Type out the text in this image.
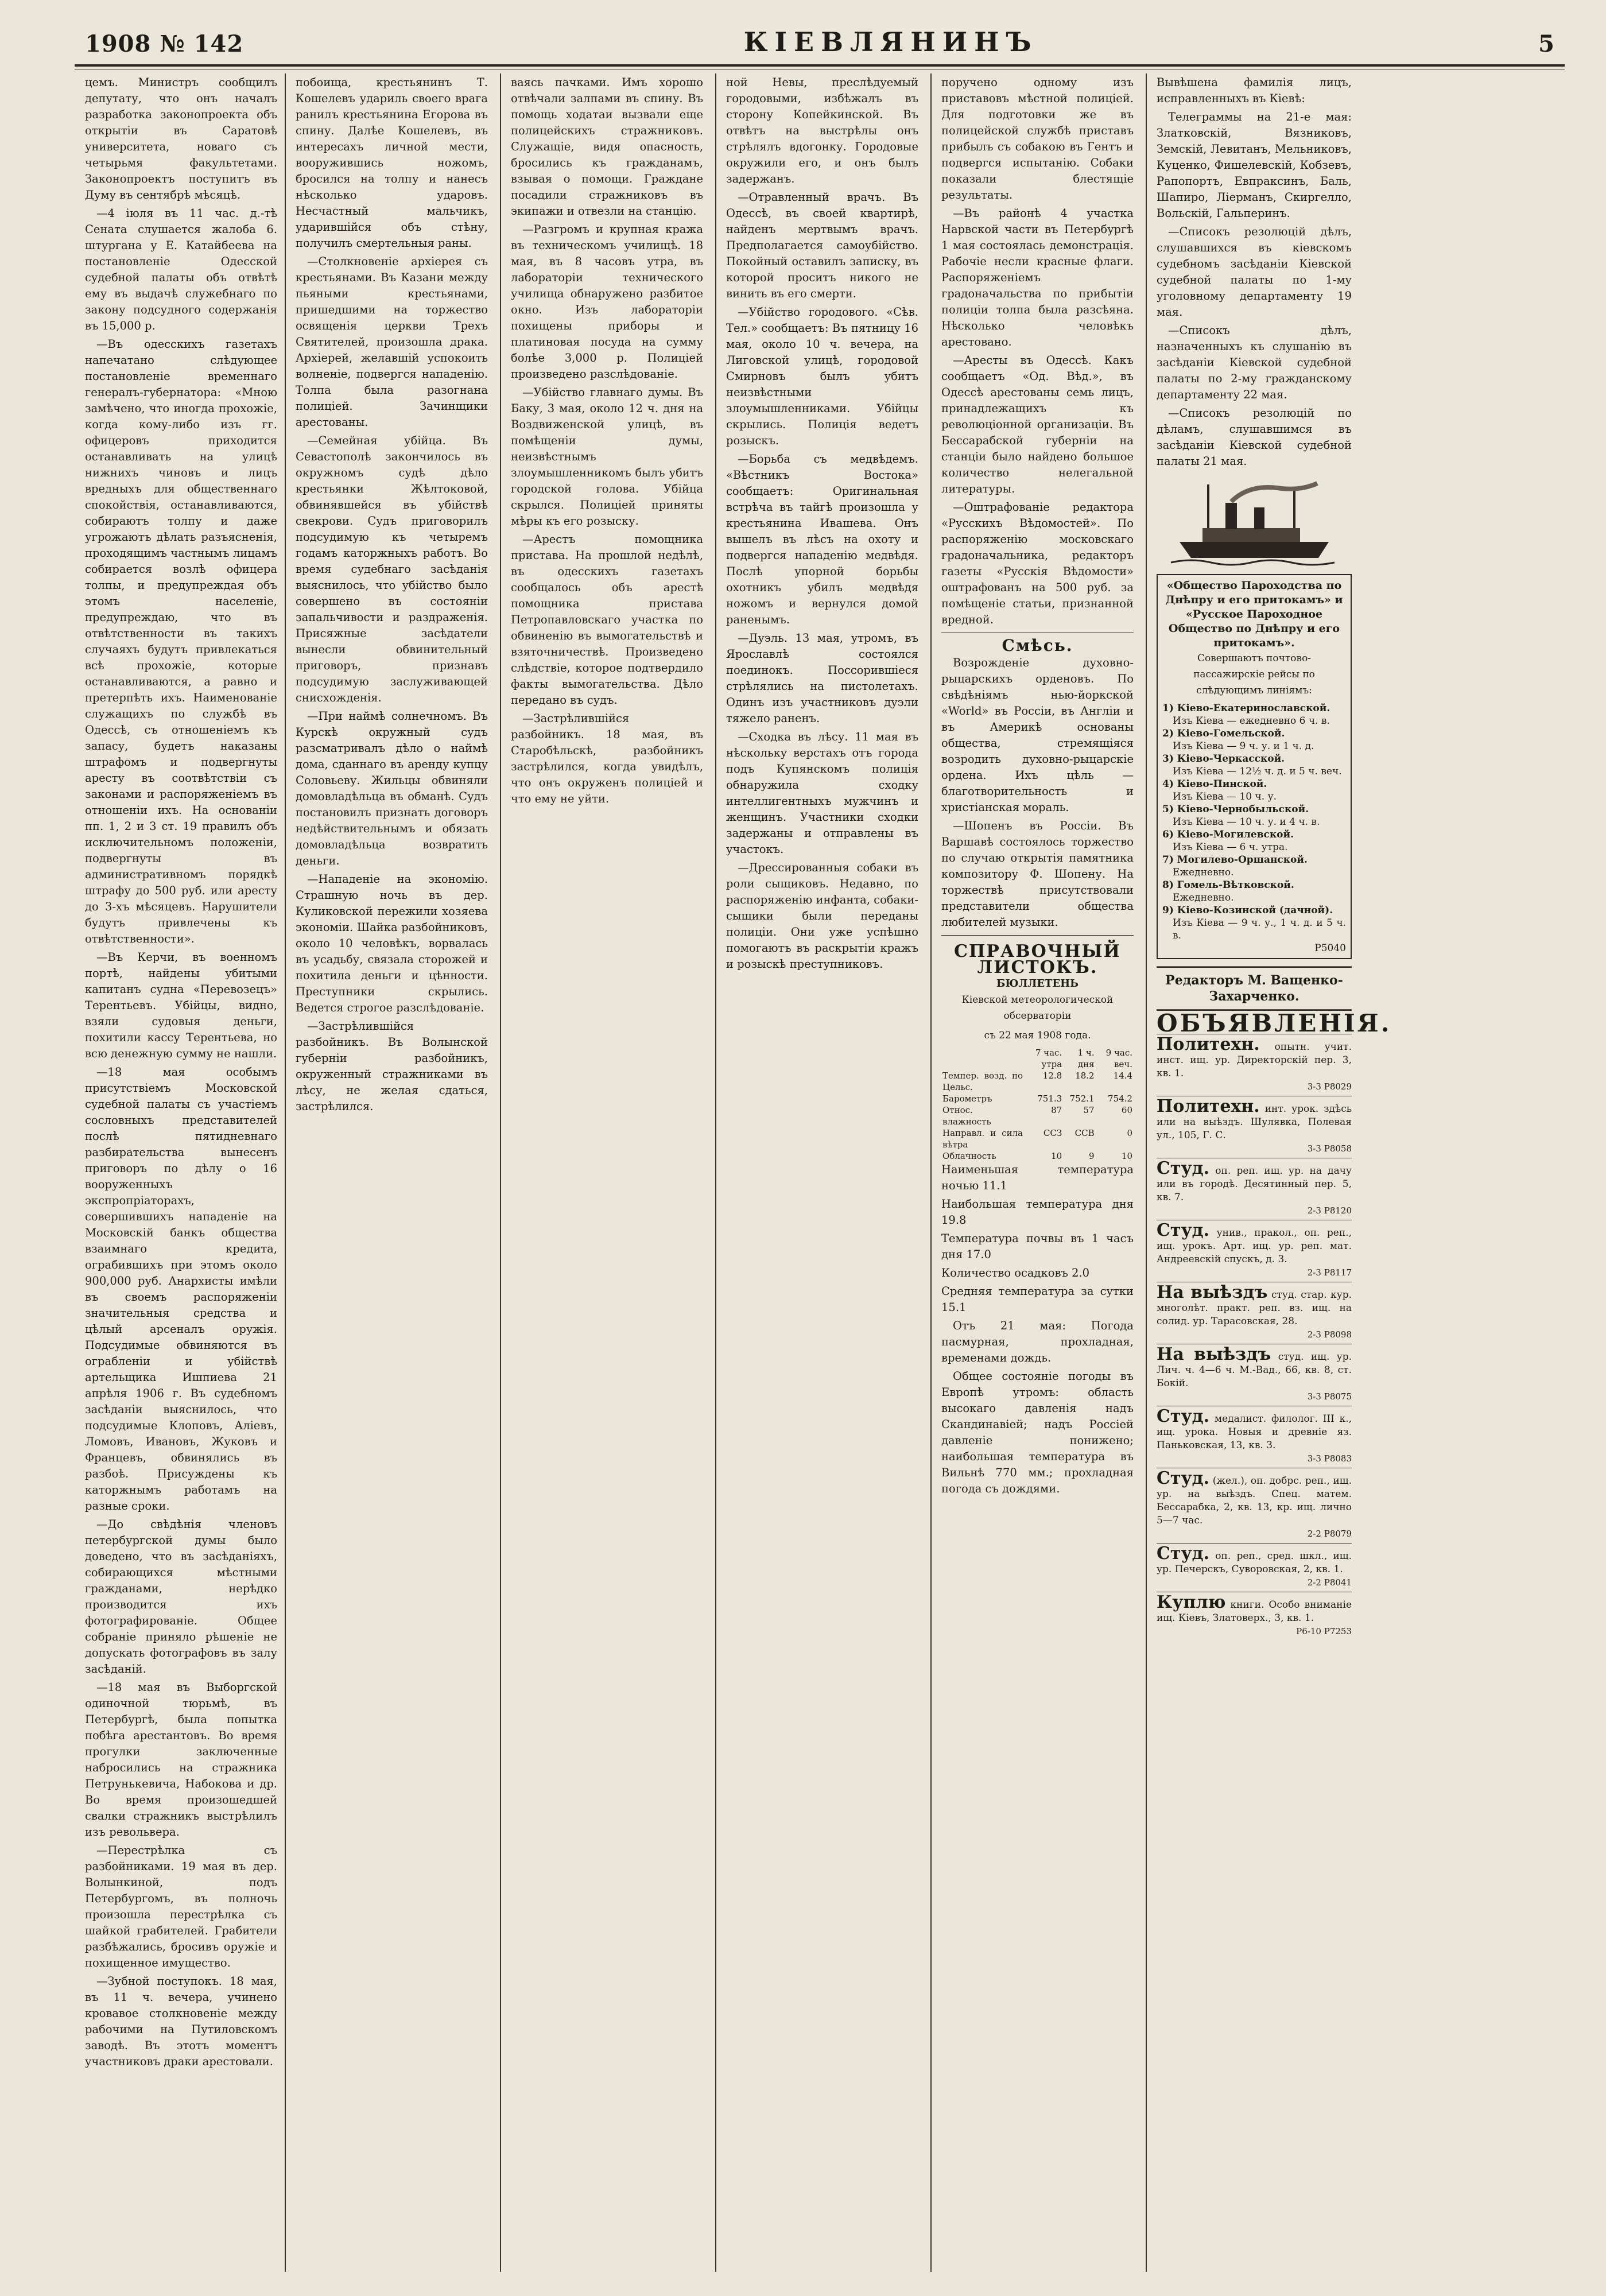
1908 № 142	КІЕВЛЯНИНЪ	5

цемъ. Министръ сообщилъ депутату, что онъ началъ разработка законопроекта объ открытіи въ Саратовѣ университета, новаго съ четырьмя факультетами. Законопроектъ поступитъ въ Думу въ сентябрѣ мѣсяцѣ.

—4 іюля въ 11 час. д.-тѣ Сената слушается жалоба 6. штургана у Е. Катайбеева на постановленіе Одесской судебной палаты объ отвѣтѣ ему въ выдачѣ служебнаго по закону подсудного содержанія въ 15,000 р.

—Въ одесскихъ газетахъ напечатано слѣдующее постановленіе временнаго генералъ-губернатора: «Мною замѣчено, что иногда прохожіе, когда кому-либо изъ гг. офицеровъ приходится останавливать на улицѣ нижнихъ чиновъ и лицъ вредныхъ для общественнаго спокойствія, останавливаются, собираютъ толпу и даже угрожаютъ дѣлать разъясненія, проходящимъ частнымъ лицамъ собирается возлѣ офицера толпы, и предупреждая объ этомъ населеніе, предупреждаю, что въ отвѣтственности въ такихъ случаяхъ будутъ привлекаться всѣ прохожіе, которые останавливаются, а равно и претерпѣть ихъ. Наименованіе служащихъ по службѣ въ Одессѣ, съ отношеніемъ къ запасу, будетъ наказаны штрафомъ и подвергнуты аресту въ соотвѣтствіи съ законами и распоряженіемъ въ отношеніи ихъ. На основаніи пп. 1, 2 и 3 ст. 19 правилъ объ исключительномъ положеніи, подвергнуты въ административномъ порядкѣ штрафу до 500 руб. или аресту до 3-хъ мѣсяцевъ. Нарушители будутъ привлечены къ отвѣтственности».

—Въ Керчи, въ военномъ портѣ, найдены убитыми капитанъ судна «Перевозецъ» Терентьевъ. Убійцы, видно, взяли судовыя деньги, похитили кассу Терентьева, но всю денежную сумму не нашли.

—18 мая особымъ присутствіемъ Московской судебной палаты съ участіемъ сословныхъ представителей послѣ пятидневнаго разбирательства вынесенъ приговоръ по дѣлу о 16 вооруженныхъ экспропріаторахъ, совершившихъ нападеніе на Московскій банкъ общества взаимнаго кредита, ограбившихъ при этомъ около 900,000 руб. Анархисты имѣли въ своемъ распоряженіи значительныя средства и цѣлый арсеналъ оружія. Подсудимые обвиняются въ ограбленіи и убійствѣ артельщика Ишпиева 21 апрѣля 1906 г. Въ судебномъ засѣданіи выяснилось, что подсудимые Клоповъ, Аліевъ, Ломовъ, Ивановъ, Жуковъ и Францевъ, обвинялись въ разбоѣ. Присуждены къ каторжнымъ работамъ на разные сроки.

—До свѣдѣнія членовъ петербургской думы было доведено, что въ засѣданіяхъ, собирающихся мѣстными гражданами, нерѣдко производится ихъ фотографированіе. Общее собраніе приняло рѣшеніе не допускать фотографовъ въ залу засѣданій.

—18 мая въ Выборгской одиночной тюрьмѣ, въ Петербургѣ, была попытка побѣга арестантовъ. Во время прогулки заключенные набросились на стражника Петрунькевича, Набокова и др. Во время произошедшей свалки стражникъ выстрѣлилъ изъ револьвера.

—Перестрѣлка съ разбойниками. 19 мая въ дер. Волынкиной, подъ Петербургомъ, въ полночь произошла перестрѣлка съ шайкой грабителей. Грабители разбѣжались, бросивъ оружіе и похищенное имущество.

—Зубной поступокъ. 18 мая, въ 11 ч. вечера, учинено кровавое столкновеніе между рабочими на Путиловскомъ заводѣ. Въ этотъ моментъ участниковъ драки арестовали.

побоища, крестьянинъ Т. Кошелевъ удариль своего врага ранилъ крестьянина Егорова въ спину. Далѣе Кошелевъ, въ интересахъ личной мести, вооружившись ножомъ, бросился на толпу и нанесъ нѣсколько ударовъ. Несчастный мальчикъ, ударившійся объ стѣну, получилъ смертельныя раны.

—Столкновеніе архіерея съ крестьянами. Въ Казани между пьяными крестьянами, пришедшими на торжество освященія церкви Трехъ Святителей, произошла драка. Архіерей, желавшій успокоить волненіе, подвергся нападенію. Толпа была разогнана полиціей. Зачинщики арестованы.

—Семейная убійца. Въ Севастополѣ закончилось въ окружномъ судѣ дѣло крестьянки Жѣлтоковой, обвинявшейся въ убійствѣ свекрови. Судъ приговорилъ подсудимую къ четыремъ годамъ каторжныхъ работъ. Во время судебнаго засѣданія выяснилось, что убійство было совершено въ состояніи запальчивости и раздраженія. Присяжные засѣдатели вынесли обвинительный приговоръ, признавъ подсудимую заслуживающей снисхожденія.

—При наймѣ солнечномъ. Въ Курскѣ окружный судъ разсматривалъ дѣло о наймѣ дома, сданнаго въ аренду купцу Соловьеву. Жильцы обвиняли домовладѣльца въ обманѣ. Судъ постановилъ признать договоръ недѣйствительнымъ и обязать домовладѣльца возвратить деньги.

—Нападеніе на экономію. Страшную ночь въ дер. Куликовской пережили хозяева экономіи. Шайка разбойниковъ, около 10 человѣкъ, ворвалась въ усадьбу, связала сторожей и похитила деньги и цѣнности. Преступники скрылись. Ведется строгое разслѣдованіе.

—Застрѣлившійся разбойникъ. Въ Волынской губерніи разбойникъ, окруженный стражниками въ лѣсу, не желая сдаться, застрѣлился.

ваясь пачками. Имъ хорошо отвѣчали залпами въ спину. Въ помощь ходатаи вызвали еще полицейскихъ стражниковъ. Служащіе, видя опасность, бросились къ гражданамъ, взывая о помощи. Граждане посадили стражниковъ въ экипажи и отвезли на станцію.

—Разгромъ и крупная кража въ техническомъ училищѣ. 18 мая, въ 8 часовъ утра, въ лабораторіи технического училища обнаружено разбитое окно. Изъ лабораторіи похищены приборы и платиновая посуда на сумму болѣе 3,000 р. Полиціей произведено разслѣдованіе.

—Убійство главнаго думы. Въ Баку, 3 мая, около 12 ч. дня на Воздвиженской улицѣ, въ помѣщеніи думы, неизвѣстнымъ злоумышленникомъ былъ убитъ городской голова. Убійца скрылся. Полиціей приняты мѣры къ его розыску.

—Арестъ помощника пристава. На прошлой недѣлѣ, въ одесскихъ газетахъ сообщалось объ арестѣ помощника пристава Петропавловскаго участка по обвиненію въ вымогательствѣ и взяточничествѣ. Произведено слѣдствіе, которое подтвердило факты вымогательства. Дѣло передано въ судъ.

—Застрѣлившійся разбойникъ. 18 мая, въ Старобѣльскѣ, разбойникъ застрѣлился, когда увидѣлъ, что онъ окруженъ полиціей и что ему не уйти.

ной Невы, преслѣдуемый городовыми, избѣжалъ въ сторону Копейкинской. Въ отвѣтъ на выстрѣлы онъ стрѣлялъ вдогонку. Городовые окружили его, и онъ былъ задержанъ.

—Отравленный врачъ. Въ Одессѣ, въ своей квартирѣ, найденъ мертвымъ врачъ. Предполагается самоубійство. Покойный оставилъ записку, въ которой проситъ никого не винить въ его смерти.

—Убійство городового. «Сѣв. Тел.» сообщаетъ: Въ пятницу 16 мая, около 10 ч. вечера, на Лиговской улицѣ, городовой Смирновъ былъ убитъ неизвѣстными злоумышленниками. Убійцы скрылись. Полиція ведетъ розыскъ.

—Борьба съ медвѣдемъ. «Вѣстникъ Востока» сообщаетъ: Оригинальная встрѣча въ тайгѣ произошла у крестьянина Ивашева. Онъ вышелъ въ лѣсъ на охоту и подвергся нападенію медвѣдя. Послѣ упорной борьбы охотникъ убилъ медвѣдя ножомъ и вернулся домой раненымъ.

—Дуэль. 13 мая, утромъ, въ Ярославлѣ состоялся поединокъ. Поссорившіеся стрѣлялись на пистолетахъ. Одинъ изъ участниковъ дуэли тяжело раненъ.

—Сходка въ лѣсу. 11 мая въ нѣскольку верстахъ отъ города подъ Купянскомъ полиція обнаружила сходку интеллигентныхъ мужчинъ и женщинъ. Участники сходки задержаны и отправлены въ участокъ.

—Дрессированныя собаки въ роли сыщиковъ. Недавно, по распоряженію инфанта, собаки-сыщики были переданы полиціи. Они уже успѣшно помогаютъ въ раскрытіи кражъ и розыскѣ преступниковъ.

поручено одному изъ приставовъ мѣстной полиціей. Для подготовки же въ полицейской службѣ приставъ прибылъ съ собакою въ Гентъ и подвергся испытанію. Собаки показали блестящіе результаты.

—Въ районѣ 4 участка Нарвской части въ Петербургѣ 1 мая состоялась демонстрація. Рабочіе несли красные флаги. Распоряженіемъ градоначальства по прибытіи полиціи толпа была разсѣяна. Нѣсколько человѣкъ арестовано.

—Аресты въ Одессѣ. Какъ сообщаетъ «Од. Вѣд.», въ Одессѣ арестованы семь лицъ, принадлежащихъ къ революціонной организаціи. Въ Бессарабской губерніи на станціи было найдено большое количество нелегальной литературы.

—Оштрафованіе редактора «Русскихъ Вѣдомостей». По распоряженію московскаго градоначальника, редакторъ газеты «Русскія Вѣдомости» оштрафованъ на 500 руб. за помѣщеніе статьи, признанной вредной.

Смѣсь.

Возрожденіе духовно-рыцарскихъ орденовъ. По свѣдѣніямъ нью-йоркской «World» въ Россіи, въ Англіи и въ Америкѣ основаны общества, стремящіяся возродить духовно-рыцарскіе ордена. Ихъ цѣль — благотворительность и христіанская мораль.

—Шопенъ въ Россіи. Въ Варшавѣ состоялось торжество по случаю открытія памятника композитору Ф. Шопену. На торжествѣ присутствовали представители общества любителей музыки.

СПРАВОЧНЫЙ ЛИСТОКЪ.
БЮЛЛЕТЕНЬ
Кіевской метеорологической обсерваторіи
съ 22 мая 1908 года.
	7 час. утра	1 ч. дня	9 час. веч.
Темпер. возд. по Цельс.	12.8	18.2	14.4
Барометръ	751.3	752.1	754.2
Относ. влажность	87	57	60
Направл. и сила вѣтра	ССЗ	ССВ	0
Облачность	10	9	10

Наименьшая температура ночью 11.1

Наибольшая температура дня 19.8

Температура почвы въ 1 часъ дня 17.0

Количество осадковъ 2.0

Средняя температура за сутки 15.1

Отъ 21 мая: Погода пасмурная, прохладная, временами дождь.

Общее состояніе погоды въ Европѣ утромъ: область высокаго давленія надъ Скандинавіей; надъ Россіей давленіе понижено; наибольшая температура въ Вильнѣ 770 мм.; прохладная погода съ дождями.

Вывѣшена фамилія лицъ, исправленныхъ въ Кіевѣ:

Телеграммы на 21-е мая: Златковскій, Вязниковъ, Земскій, Левитанъ, Мельниковъ, Куценко, Фишелевскій, Кобзевъ, Рапопортъ, Евпраксинъ, Баль, Шапиро, Ліерманъ, Скиргелло, Вольскій, Гальперинъ.

—Списокъ резолюцій дѣлъ, слушавшихся въ кіевскомъ судебномъ засѣданіи Кіевской судебной палаты по 1-му уголовному департаменту 19 мая.

—Списокъ дѣлъ, назначенныхъ къ слушанію въ засѣданіи Кіевской судебной палаты по 2-му гражданскому департаменту 22 мая.

—Списокъ резолюцій по дѣламъ, слушавшимся въ засѣданіи Кіевской судебной палаты 21 мая.

«Общество Пароходства по Днѣпру и его притокамъ» и «Русское Пароходное Общество по Днѣпру и его притокамъ».
Совершаютъ почтово-пассажирскіе рейсы по слѣдующимъ линіямъ:
1) Кіево-Екатеринославской.
Изъ Кіева — ежедневно 6 ч. в.
2) Кіево-Гомельской.
Изъ Кіева — 9 ч. у. и 1 ч. д.
3) Кіево-Черкасской.
Изъ Кіева — 12½ ч. д. и 5 ч. веч.
4) Кіево-Пинской.
Изъ Кіева — 10 ч. у.
5) Кіево-Чернобыльской.
Изъ Кіева — 10 ч. у. и 4 ч. в.
6) Кіево-Могилевской.
Изъ Кіева — 6 ч. утра.
7) Могилево-Оршанской.
Ежедневно.
8) Гомель-Вѣтковской.
Ежедневно.
9) Кіево-Козинской (дачной).
Изъ Кіева — 9 ч. у., 1 ч. д. и 5 ч. в.
Р5040
Редакторъ М. Ващенко-Захарченко.
ОБЪЯВЛЕНІЯ.
Политехн. опытн. учит. инст. ищ. ур. Директорскій пер. 3, кв. 1.
3-3 P8029
Политехн. инт. урок. здѣсь или на выѣздъ. Шулявка, Полевая ул., 105, Г. С.
3-3 P8058
Студ. оп. реп. ищ. ур. на дачу или въ городѣ. Десятинный пер. 5, кв. 7.
2-3 P8120
Студ. унив., пракол., оп. реп., ищ. урокъ. Арт. ищ. ур. реп. мат. Андреевскій спускъ, д. 3.
2-3 P8117
На выѣздъ студ. стар. кур. многолѣт. практ. реп. вз. ищ. на солид. ур. Тарасовская, 28.
2-3 P8098
На выѣздъ студ. ищ. ур. Лич. ч. 4—6 ч. М.-Вад., 66, кв. 8, ст. Бокій.
3-3 P8075
Студ. медалист. филолог. III к., ищ. урока. Новыя и древніе яз. Паньковская, 13, кв. 3.
3-3 P8083
Студ. (жел.), оп. добрс. реп., ищ. ур. на выѣздъ. Спец. матем. Бессарабка, 2, кв. 13, кр. ищ. лично 5—7 час.
2-2 P8079
Студ. оп. реп., сред. шкл., ищ. ур. Печерскъ, Суворовская, 2, кв. 1.
2-2 P8041
Куплю книги. Особо вниманіе ищ. Кіевъ, Златоверх., 3, кв. 1.
Р6-10 P7253
